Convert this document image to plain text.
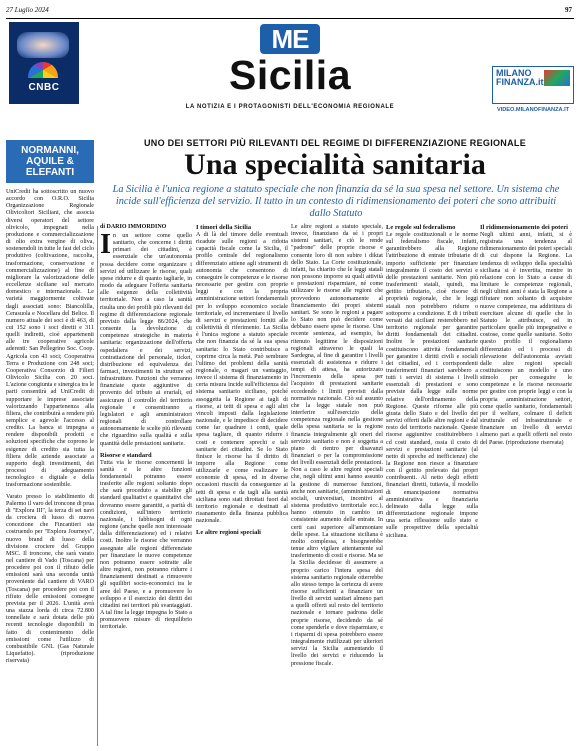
27 Luglio 2024	97
CNBC
ME
Sicilia
LA NOTIZIA E I PROTAGONISTI DELL'ECONOMIA REGIONALE
MILANO
FINANZA.it
VIDEO.MILANOFINANZA.IT
NORMANNI, AQUILE & ELEFANTI
UniCredit ha sottoscritto un nuovo accordo con O.R.O. Sicilia Organizzazione Regionale Olivicoltori Siciliani, che associa diversi operatori del settore olivicolo, impegnati nella produzione e commercializzazione di olio extra vergine di oliva, sostenendoli in tutte le fasi del ciclo produttivo (coltivazione, raccolta, trasformazione, conservazione e commercializzazione) al fine di migliorare la valorizzazione delle eccellenze siciliane sul mercato domestico e internazionale. Le varietà maggiormente coltivate dagli associati sono: Biancolilla, Cerasuola e Nocellara del Belice. Il numero attuale dei soci è di 463, di cui 152 sono i soci diretti e 311 quelli indiretti, cioè appartenenti alle tre cooperative agricole aderenti: San Pellegrino Soc. Coop. Agricola con 43 soci; Cooperativa Terra e Produzione con 248 soci; Cooperativa Consorzio di Filieri Olivicolo Sicilia con 20 soci. L'azione congiunta e sinergica tra le parti consentirà ad UniCredit di supportare le imprese associate valorizzando l'appartenenza alla filiera, che contribuirà a rendere più semplice e agevole l'accesso al credito. La banca si impegna a rendere disponibili prodotti e soluzioni specifiche che coprono le esigenze di credito sia tutta la filiera delle aziende associate a supporto degli investimenti, dei processi di adeguamento tecnologico e digitale e della trasformazione sostenibile.
Varato presso lo stabilimento di Palermo il varo del troncone di prua di "Explora III", la terza di sei navi da crociera di lusso di nuova concezione che Fincantieri sta costruendo per "Explora Journeys", nuovo brand di lusso della divisione crociere del Gruppo MSC. Il troncone, che sarà varato nel cantiere di Vado (Toscana) per procedere poi con il rifiuto delle emissioni sarà una seconda unità proveniente dal cantiere di VARO (Toscana) per procedere poi con il rifiuto delle emissioni consegne prevista per il 2026. L'unità avrà una stazza lorda di circa 72.800 tonnellate e sarà dotata delle più recenti tecnologie disponibili in fatto di contenimento delle emissioni come l'utilizzo di combustibile GNL (Gas Naturale Liquefatto). (riproduzione riservata)
UNO DEI SETTORI PIÙ RILEVANTI DEL REGIME DI DIFFERENZIAZIONE REGIONALE
Una specialità sanitaria
La Sicilia è l'unica regione a statuto speciale che non finanzia da sé la sua spesa nel settore. Un sistema che incide sull'efficienza del servizio. Il tutto in un contesto di ridimensionamento dei poteri che sono attribuiti dallo Statuto
di DARIO IMMORDINO
In un settore come quello sanitario, che concerne i diritti primari dei cittadini, è essenziale che un'autonomia possa decidere come organizzare i servizi ed utilizzare le risorse, quali spese ridurre e di quanto tagliarle, in modo da adeguare l'offerta sanitaria alle esigenze della collettività territoriale. Non a caso la sanità risulta uno dei profili più rilevanti del regime di differenziazione regionale previsto dalla legge 86/2024, che consente la devoluzione di competenze strategiche in materia sanitaria: organizzazione dell'offerta ospedaliera e dei servizi, contrattazione del personale, ticket, distribuzione ed equivalenza dei farmaci, investimenti in strutture ed infrastrutture. Funzioni che verranno finanziate quote aggiuntive di provento del tributo ai erariali, ed assicurare il controllo del territorio regionale e consentiranno a legislatori e agli amministratori regionali di controllare autonomamente le scelte più rilevanti che riguardino sulla qualità e sulla quantità delle prestazioni sanitarie.
Risorse e standard
Tutta via le risorse concernenti la sanità e le altre funzioni fondamentali potranno essere trasferite alle regioni soltanto dopo che sarà proceduto a stabilire gli standard qualitativi e quantitativi che dovranno essere garantiti, a parità di condizioni, sull'intero territorio nazionale, i fabbisogni di ogni regione (anche quelle non interessate dalla differenziazione) ed i relativi costi. Inoltre le risorse che verranno assegnate alle regioni differenziate per finanziare le nuove competenze non potranno essere sottratte alle altre regioni, non potranno ridurre i finanziamenti destinati a rimuovere gli squilibri socio-economici tra le aree del Paese, e a promuovere lo sviluppo e il esercizio dei diritti dei cittadini nei territori più svantaggiati. A tal fine la legge impegna lo Stato a promuovere misure di riequilibrio territoriale.
I timori della Sicilia
A di là del timore delle eventuali ricadute sulle regioni a ridotta capacità fiscale come la Sicilia, il profilo centrale del regionalismo differenziato attiene agli strumenti di autonomia che consentono di conseguire le competenze e le risorse necessarie per gestire con proprie leggi e con la propria amministrazione settori fondamentali per lo sviluppo economico sociale territoriale, ed incrementare il livello di servizi e prestazioni forniti alle collettività di riferimento. La Sicilia è l'unica regione a statuto speciale che non finanzia da sé la sua spesa sanitaria: lo Stato contribuisce a coprirne circa la metà. Può sembrare l'ultimo dei problemi della sanità regionale, o magari un vantaggio, invece il sistema di finanziamento in certa misura incide sull'efficienza del sistema sanitario siciliano, poiché assoggetta la Regione ai tagli di risorse, ai tetti di spesa e agli altri vincoli imposti dalla legislazione nazionale, e le impedisce di decidere come far quadrare i conti, quale spesa tagliare, di quanto ridurre i costi e contenere sprechi e tali sanitarie dei cittadini. Se lo Stato finisce le risorse ha il diritto di imporre alla Regione come utilizzarle e come realizzare le economie di spesa, ed in diverse occasioni riusciti da conseguenze ai tetti di spesa e da tagli alla sanità siciliana sono stati dirottati fuori dal territorio regionale e destinati al risanamento della finanza pubblica nazionale.
Le altre regioni speciali
Le altre regioni a statuto speciale, invece, finanziano da sé i propri sistemi sanitari, e ciò le rende "padrone" delle proprie risorse e consente loro di non subire i diktat dello Stato. La Corte costituzionale, infatti, ha chiarito che le leggi statali non possono imporre su quali attività e prestazioni risparmiare, né come utilizzare le risorse alle regioni che provvedono autonomamente al finanziamento dei propri sistemi sanitari. Se sono le regioni a pagare lo Stato non può decidere come debbano essere spese le risorse. Una recente sentenza, ad esempio, ha ritenuto legittime le disposizioni regionali attraverso le quali la Sardegna, al fine di garantire i livelli essenziali di assistenza e ridurre i tempi di attesa, ha autorizzato l'incremento della spesa per l'acquisto di prestazioni sanitarie eccedendo i limiti previsti dalla normativa nazionale. Ciò sul assunto che la legge statale non può interferire sull'esercizio della competenza regionale nella gestione della spesa sanitaria se la regione finanzia integralmente gli oneri del servizio sanitario e non è soggetta a piano di rientro per disavanzi finanziari o per la compromissione dei livelli essenziali delle prestazioni. Non a caso le altre regioni speciali che, negli ultimi anni hanno assunto la gestione di numerose funzioni, anche non sanitarie, (amministrazioni sociali, universitari, incentivi al sistema produttivo territoriale ecc.), hanno ottenuto in cambio un consistente aumento delle entrate. In certi casi superiore all'ammontare delle spese. La situazione siciliana è molto complessa, e bisognerebbe tenue altro vigilare attentamente sul trasferimento di costi e risorse. Ma se la Sicilia decidesse di assumere a proprio carico l'intera spesa del sistema sanitario regionale otterrebbe allo stesso tempo la certezza di avere risorse sufficienti a finanziare un livello di servizi sanitari almeno pari a quelli offerti sul resto del territorio nazionale e tornare padrona delle proprie risorse, decidendo da sé come spenderle e dove risparmiare, e i risparmi di spesa potrebbero essere integralmente riutilizzati per ulteriori servizi la Sicilia aumentando il livello dei servizi e riducendo la pressione fiscale.
Le regole sul federalismo
Le regole costituzionali e le norme sul federalismo fiscale, infatti, garantirebbero alla Regione l'attribuzione di entrate tributarie di importo sufficiente per finanziare integralmente il costo dei servizi e delle prestazioni sanitarie. Non più trasferimenti statali, quindi, ma gettito tributario, cioè risorse di proprietà regionale, che le leggi statali non potrebbero ridurre o sottoporre a condizione. E di i tributi versati dai siciliani resterebbero nel territorio regionale per garantire diritti fondamentali dei cittadini. Inoltre le prestazioni sanitarie costituiscono attività fondamentali per garantire i diritti civili e sociali dei cittadini, ed i corrispondenti trasferimenti finanziari sarebbero a tutti i servizi di sistema i livelli essenziali di prestazioni e sono previste dalla legge sulle norme relative dell'ordinamento della Regione. Queste riforme alle più giusta dello Stato e del livello dei servizi offerti dalle altre regioni e dal resto del territorio nazionale. Queste risorse aggiuntive costituirebbero i cd costi standard, ossia il costo di servizi e prestazioni sanitarie (al netto di spreche ed inefficienze) che la Regione non riesce a finanziare con il gettito prelevato dai propri contribuenti. Al netto degli effetti finanziari diretti, tuttavia, il modello di emancipazione normativa amministrativa e finanziaria delineato dalla legge sulla differenziazione regionale impone una seria riflessione sullo stato e sulle prospettive della specialità siciliana.
Il ridimensionamento dei poteri
Negli ultimi anni, infatti, si è registrata una tendenza al ridimensionamento dei poteri speciali di cui dispone la Regione. La tendenza di sviluppo della specialità siciliana si è invertita, mentre in relazione con lo Stato a cause di limitare le competenze regionali, negli ultimi anni è stata la Regione a rifiutare non soltanto di acquisire nuove competenze, ma addirittura di esercitare alcune di quelle che lo Statuto le attribuisce, ed in particolare quelle più impegnative e costose, come quelle sanitarie. Sotto questo profilo il regionalismo differenziato ed i processi di rilevazione dell'autonomia avviati dalle altre regioni speciali costituiscono un modello e uno stimolo per conseguire le competenze e le risorse necessarie per gestire con proprie leggi e con la propria amministrazione settori, come quello sanitario, fondamentali per il welfare, colmare il deficit strutturale ed infrastrutturale e finanziare un livello di servizi almeno pari a quelli offerti nel resto del Paese. (riproduzione riservata)
